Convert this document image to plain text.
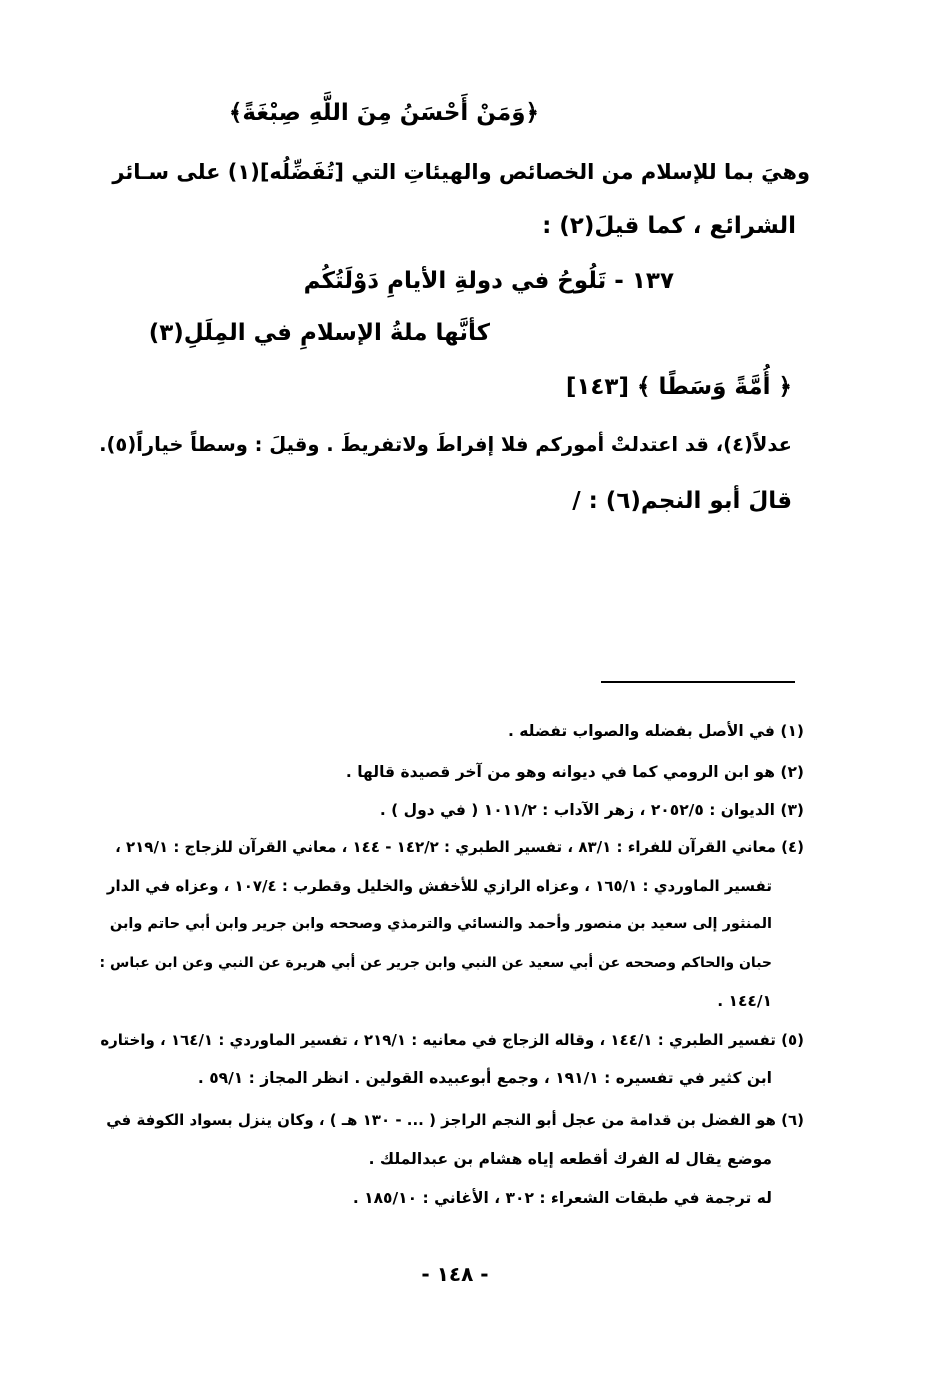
﴿وَمَنْ أَحْسَنُ مِنَ اللَّهِ صِبْغَةً﴾
وهيَ بما للإسلام من الخصائص والهيئاتِ التي [تُفَضِّلُه](١) على سـائر
الشرائع ، كما قيلَ(٢) :
١٣٧ - تَلُوحُ في دولةِ الأيامِ دَوْلَتُكُم
كأنَّها ملةُ الإسلامِ في المِلَلِ(٣)
﴿ أُمَّةً وَسَطًا ﴾ [١٤٣]
عدلاً(٤)، قد اعتدلتْ أموركم فلا إفراطَ ولاتفريطَ . وقيلَ : وسطاً خياراً(٥).
قالَ أبو النجم(٦) : /
(١) في الأصل بفضله والصواب تفضله .
(٢) هو ابن الرومي كما في ديوانه وهو من آخر قصيدة قالها .
(٣) الديوان : ٢٠٥٢/٥ ، زهر الآداب : ١٠١١/٢ ( في دول ) .
(٤) معاني القرآن للفراء : ٨٣/١ ، تفسير الطبري : ١٤٢/٢ - ١٤٤ ، معاني القرآن للزجاج : ٢١٩/١ ،
تفسير الماوردي : ١٦٥/١ ، وعزاه الرازي للأخفش والخليل وقطرب : ١٠٧/٤ ، وعزاه في الدار
المنثور إلى سعيد بن منصور وأحمد والنسائي والترمذي وصححه وابن جرير وابن أبي حاتم وابن
حبان والحاكم وصححه عن أبي سعيد عن النبي وابن جرير عن أبي هريرة عن النبي وعن ابن عباس :
١٤٤/١ .
(٥) تفسير الطبري : ١٤٤/١ ، وقاله الزجاج في معانيه : ٢١٩/١ ، تفسير الماوردي : ١٦٤/١ ، واختاره
ابن كثير في تفسيره : ١٩١/١ ، وجمع أبوعبيده القولين . انظر المجاز : ٥٩/١ .
(٦) هو الفضل بن قدامة من عجل أبو النجم الراجز ( ... - ١٣٠ هـ ) ، وكان ينزل بسواد الكوفة في
موضع يقال له الفرك أقطعه إياه هشام بن عبدالملك .
له ترجمة في طبقات الشعراء : ٣٠٢ ، الأغاني : ١٨٥/١٠ .
- ١٤٨ -
